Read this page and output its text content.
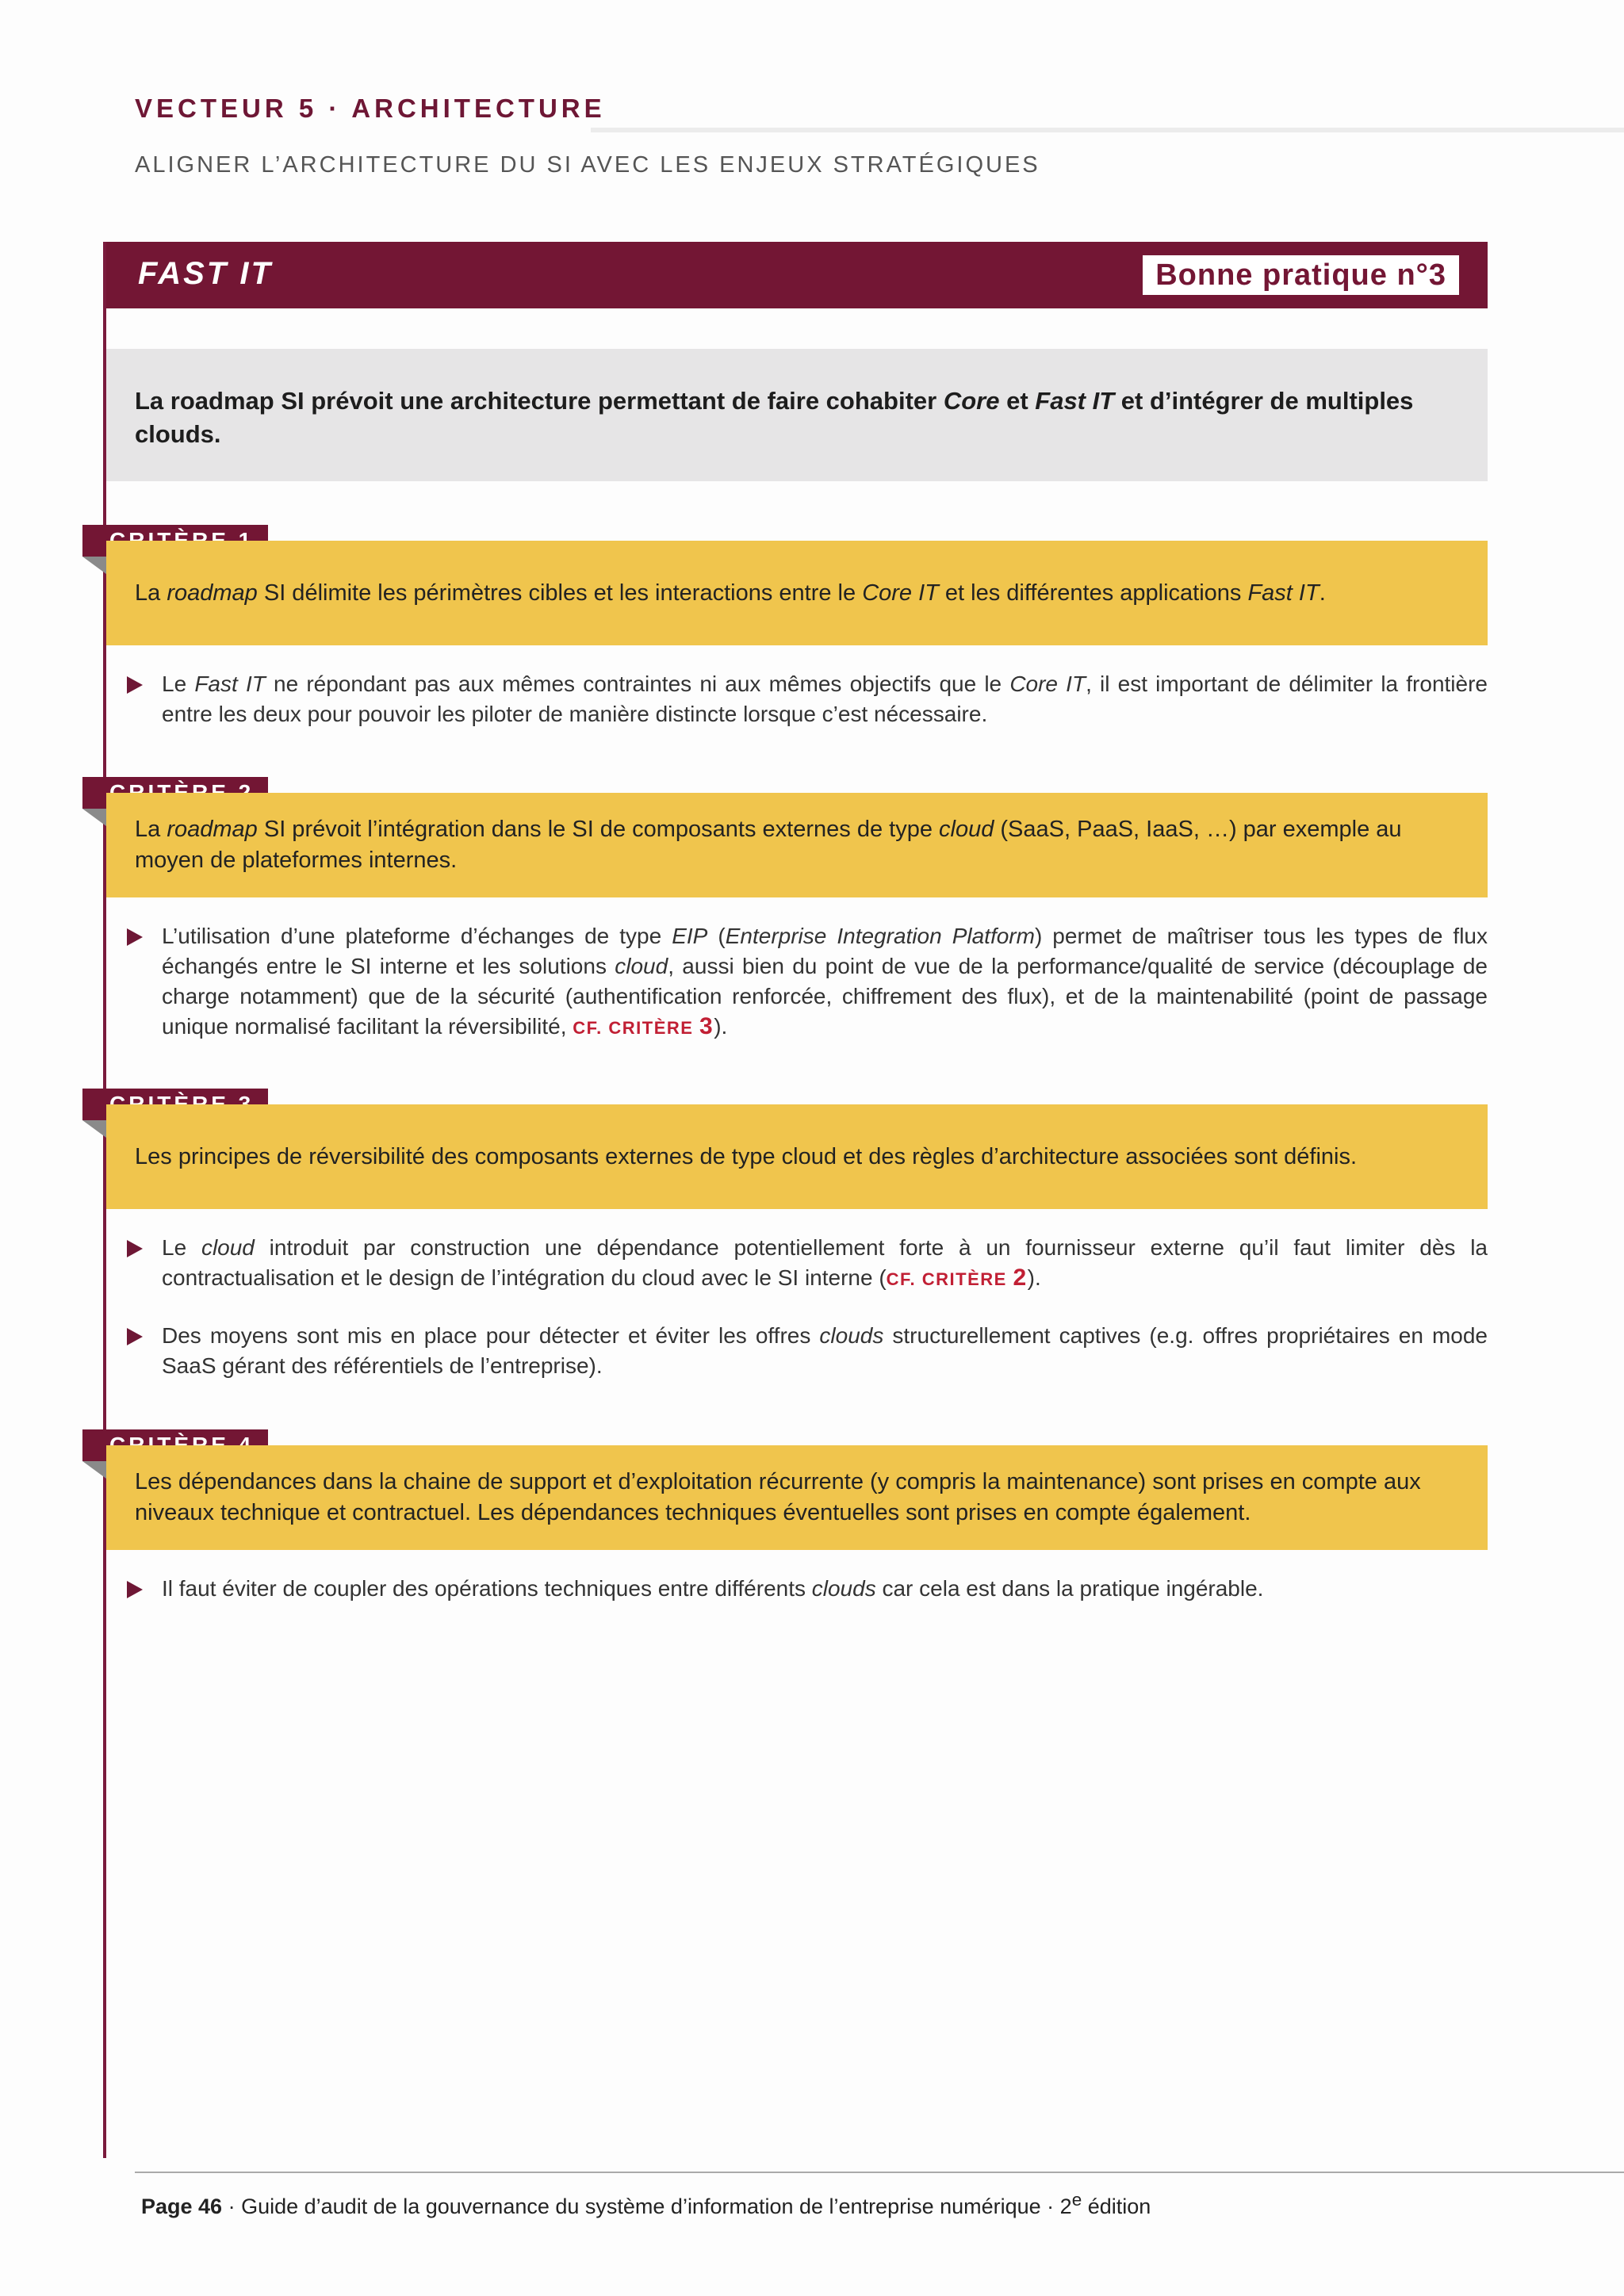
VECTEUR 5 · ARCHITECTURE
ALIGNER L’ARCHITECTURE DU SI AVEC LES ENJEUX STRATÉGIQUES
FAST IT	Bonne pratique n°3
La roadmap SI prévoit une architecture permettant de faire cohabiter Core et Fast IT et d’intégrer de multiples clouds.
La roadmap SI délimite les périmètres cibles et les interactions entre le Core IT et les différentes applications Fast IT.
Le Fast IT ne répondant pas aux mêmes contraintes ni aux mêmes objectifs que le Core IT, il est important de délimiter la frontière entre les deux pour pouvoir les piloter de manière distincte lorsque c’est nécessaire.
La roadmap SI prévoit l’intégration dans le SI de composants externes de type cloud (SaaS, PaaS, IaaS, …) par exemple au moyen de plateformes internes.
L’utilisation d’une plateforme d’échanges de type EIP (Enterprise Integration Platform) permet de maîtriser tous les types de flux échangés entre le SI interne et les solutions cloud, aussi bien du point de vue de la performance/qualité de service (découplage de charge notamment) que de la sécurité (authentification renforcée, chiffrement des flux), et de la maintenabilité (point de passage unique normalisé facilitant la réversibilité, CF. CRITÈRE 3).
Les principes de réversibilité des composants externes de type cloud et des règles d’architecture associées sont définis.
Le cloud introduit par construction une dépendance potentiellement forte à un fournisseur externe qu’il faut limiter dès la contractualisation et le design de l’intégration du cloud avec le SI interne (CF. CRITÈRE 2).
Des moyens sont mis en place pour détecter et éviter les offres clouds structurellement captives (e.g. offres propriétaires en mode SaaS gérant des référentiels de l’entreprise).
Les dépendances dans la chaine de support et d’exploitation récurrente (y compris la maintenance) sont prises en compte aux niveaux technique et contractuel. Les dépendances techniques éventuelles sont prises en compte également.
Il faut éviter de coupler des opérations techniques entre différents clouds car cela est dans la pratique ingérable.
Page 46 · Guide d’audit de la gouvernance du système d’information de l’entreprise numérique · $2^e$ édition
